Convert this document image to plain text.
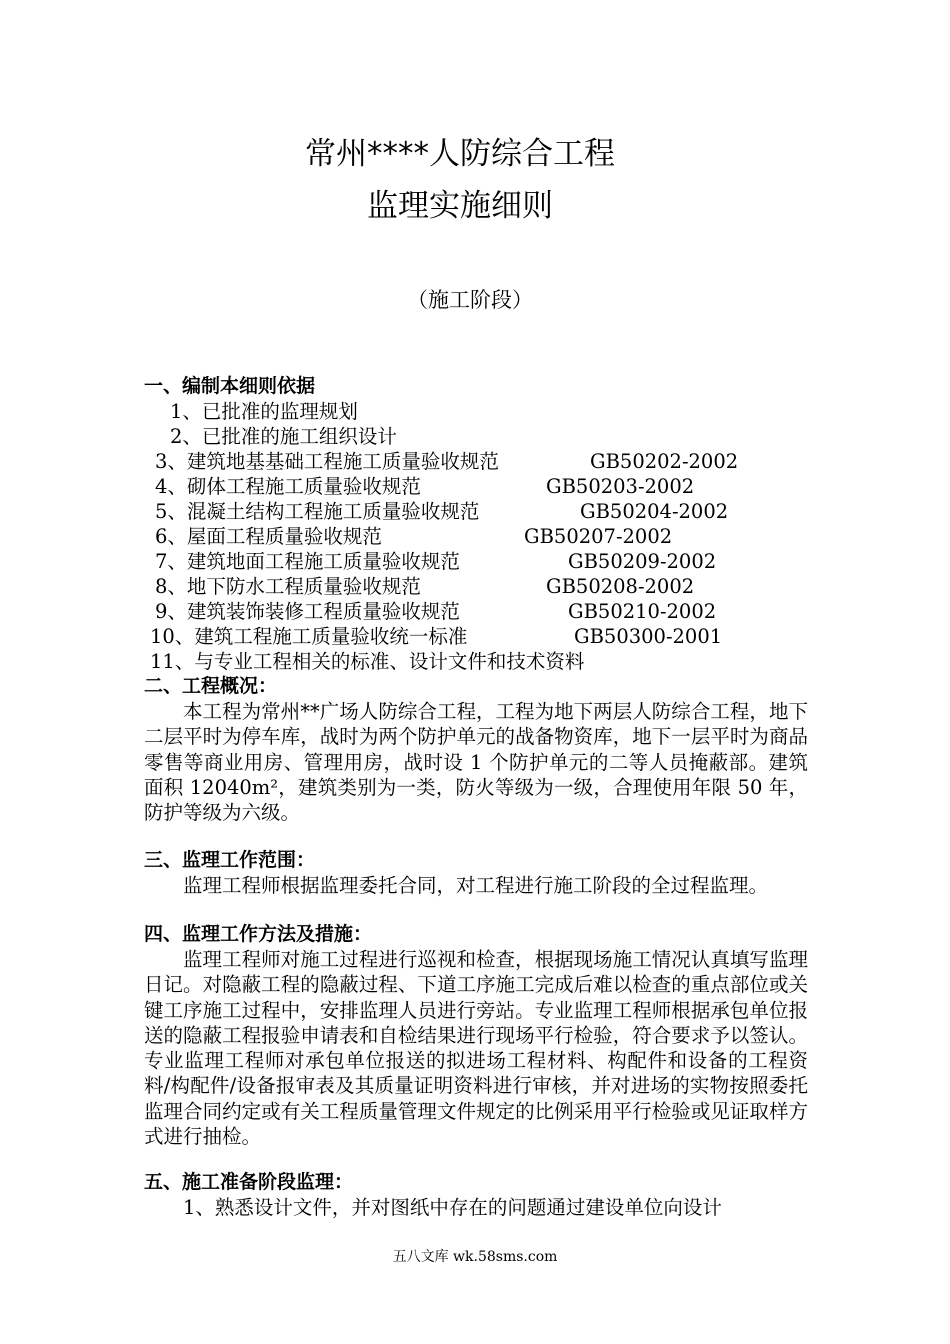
常州****人防综合工程
监理实施细则
（施工阶段）
一、编制本细则依据
1、已批准的监理规划
2、已批准的施工组织设计
3、建筑地基基础工程施工质量验收规范	GB50202-2002
4、砌体工程施工质量验收规范	GB50203-2002
5、混凝土结构工程施工质量验收规范	GB50204-2002
6、屋面工程质量验收规范	GB50207-2002
7、建筑地面工程施工质量验收规范	GB50209-2002
8、地下防水工程质量验收规范	GB50208-2002
9、建筑装饰装修工程质量验收规范	GB50210-2002
10、建筑工程施工质量验收统一标准	GB50300-2001
11、与专业工程相关的标准、设计文件和技术资料
二、工程概况：

本工程为常州**广场人防综合工程，工程为地下两层人防综合工程，地下二层平时为停车库，战时为两个防护单元的战备物资库，地下一层平时为商品零售等商业用房、管理用房，战时设 1 个防护单元的二等人员掩蔽部。建筑面积 12040m²，建筑类别为一类，防火等级为一级，合理使用年限 50 年，防护等级为六级。

三、监理工作范围：

监理工程师根据监理委托合同，对工程进行施工阶段的全过程监理。

四、监理工作方法及措施：

监理工程师对施工过程进行巡视和检查，根据现场施工情况认真填写监理日记。对隐蔽工程的隐蔽过程、下道工序施工完成后难以检查的重点部位或关键工序施工过程中，安排监理人员进行旁站。专业监理工程师根据承包单位报送的隐蔽工程报验申请表和自检结果进行现场平行检验，符合要求予以签认。专业监理工程师对承包单位报送的拟进场工程材料、构配件和设备的工程资料/构配件/设备报审表及其质量证明资料进行审核，并对进场的实物按照委托监理合同约定或有关工程质量管理文件规定的比例采用平行检验或见证取样方式进行抽检。

五、施工准备阶段监理：

1、熟悉设计文件，并对图纸中存在的问题通过建设单位向设计

五八文库 wk.58sms.com
